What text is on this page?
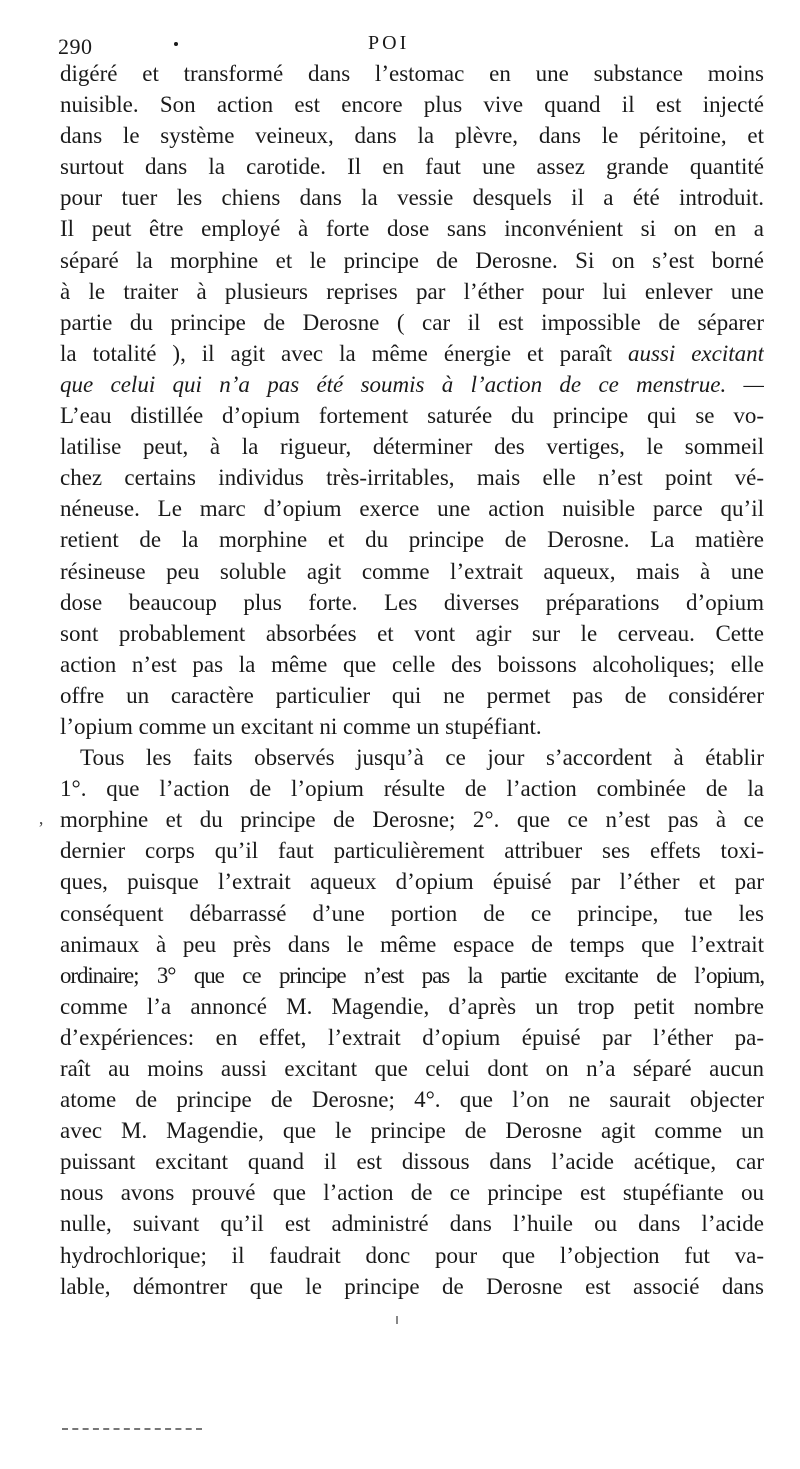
290	POI
digéré et transformé dans l’estomac en une substance moins
nuisible. Son action est encore plus vive quand il est injecté
dans le système veineux, dans la plèvre, dans le péritoine, et
surtout dans la carotide. Il en faut une assez grande quantité
pour tuer les chiens dans la vessie desquels il a été introduit.
Il peut être employé à forte dose sans inconvénient si on en a
séparé la morphine et le principe de Derosne. Si on s’est borné
à le traiter à plusieurs reprises par l’éther pour lui enlever une
partie du principe de Derosne ( car il est impossible de séparer
la totalité ), il agit avec la même énergie et paraît aussi excitant
que celui qui n’a pas été soumis à l’action de ce menstrue. —
L’eau distillée d’opium fortement saturée du principe qui se vo-
latilise peut, à la rigueur, déterminer des vertiges, le sommeil
chez certains individus très-irritables, mais elle n’est point vé-
néneuse. Le marc d’opium exerce une action nuisible parce qu’il
retient de la morphine et du principe de Derosne. La matière
résineuse peu soluble agit comme l’extrait aqueux, mais à une
dose beaucoup plus forte. Les diverses préparations d’opium
sont probablement absorbées et vont agir sur le cerveau. Cette
action n’est pas la même que celle des boissons alcoholiques; elle
offre un caractère particulier qui ne permet pas de considérer
l’opium comme un excitant ni comme un stupéfiant.
Tous les faits observés jusqu’à ce jour s’accordent à établir
1°. que l’action de l’opium résulte de l’action combinée de la
morphine et du principe de Derosne; 2°. que ce n’est pas à ce
dernier corps qu’il faut particulièrement attribuer ses effets toxi-
ques, puisque l’extrait aqueux d’opium épuisé par l’éther et par
conséquent débarrassé d’une portion de ce principe, tue les
animaux à peu près dans le même espace de temps que l’extrait
ordinaire; 3° que ce principe n’est pas la partie excitante de l’opium,
comme l’a annoncé M. Magendie, d’après un trop petit nombre
d’expériences: en effet, l’extrait d’opium épuisé par l’éther pa-
raît au moins aussi excitant que celui dont on n’a séparé aucun
atome de principe de Derosne; 4°. que l’on ne saurait objecter
avec M. Magendie, que le principe de Derosne agit comme un
puissant excitant quand il est dissous dans l’acide acétique, car
nous avons prouvé que l’action de ce principe est stupéfiante ou
nulle, suivant qu’il est administré dans l’huile ou dans l’acide
hydrochlorique; il faudrait donc pour que l’objection fut va-
lable, démontrer que le principe de Derosne est associé dans
’
